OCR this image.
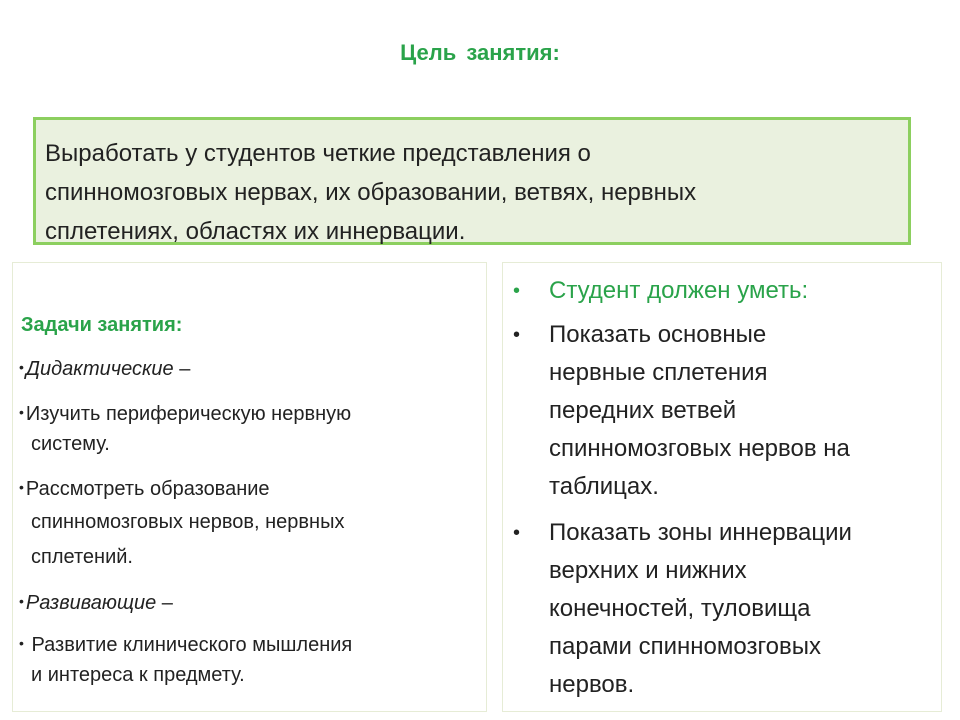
Цель занятия:
Выработать у студентов четкие представления о
спинномозговых нервах, их образовании, ветвях, нервных
сплетениях, областях их иннервации.
Задачи занятия:
• Дидактические –
• Изучить периферическую нервную
систему.
• Рассмотреть образование
спинномозговых нервов, нервных
сплетений.
• Развивающие –
• Развитие клинического мышления
и интереса к предмету.
• Студент должен уметь:
• Показать основные
нервные сплетения
передних ветвей
спинномозговых нервов на
таблицах.
• Показать зоны иннервации
верхних и нижних
конечностей, туловища
парами спинномозговых
нервов.
